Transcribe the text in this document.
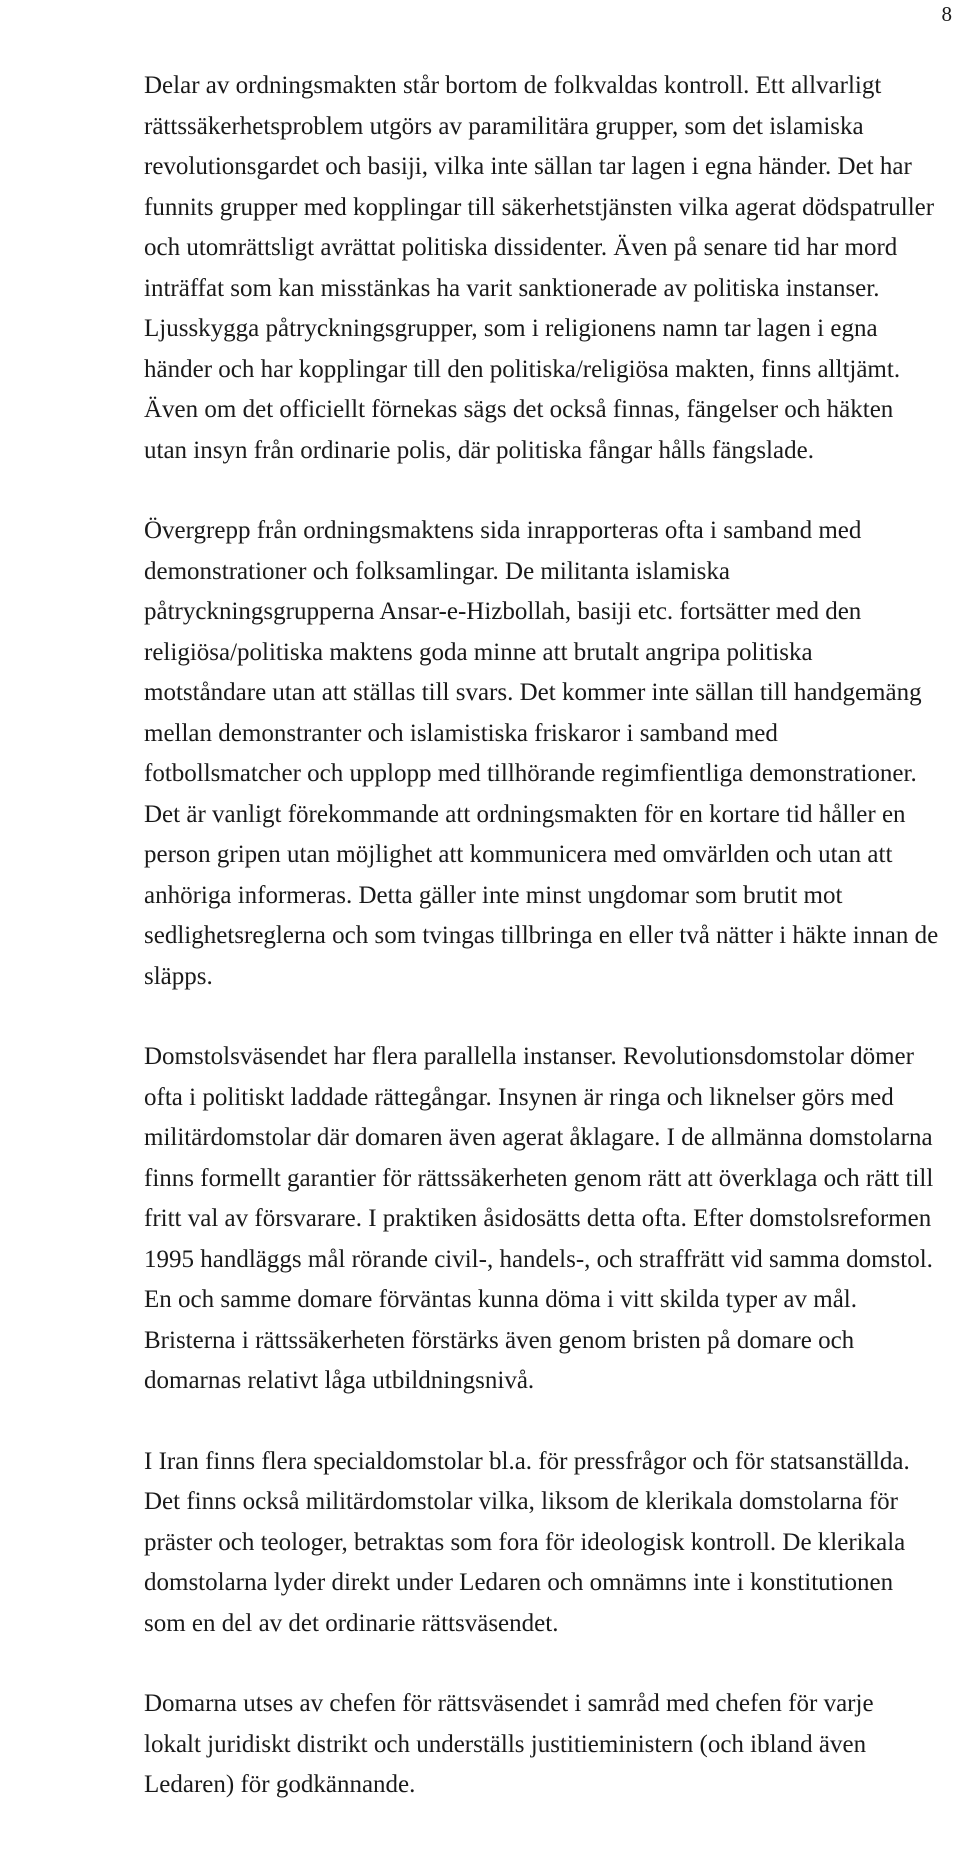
8

Delar av ordningsmakten står bortom de folkvaldas kontroll. Ett allvarligt
rättssäkerhetsproblem utgörs av paramilitära grupper, som det islamiska
revolutionsgardet och basiji, vilka inte sällan tar lagen i egna händer. Det har
funnits grupper med kopplingar till säkerhetstjänsten vilka agerat dödspatruller
och utomrättsligt avrättat politiska dissidenter. Även på senare tid har mord
inträffat som kan misstänkas ha varit sanktionerade av politiska instanser.
Ljusskygga påtryckningsgrupper, som i religionens namn tar lagen i egna
händer och har kopplingar till den politiska/religiösa makten, finns alltjämt.
Även om det officiellt förnekas sägs det också finnas, fängelser och häkten
utan insyn från ordinarie polis, där politiska fångar hålls fängslade.

Övergrepp från ordningsmaktens sida inrapporteras ofta i samband med
demonstrationer och folksamlingar. De militanta islamiska
påtryckningsgrupperna Ansar-e-Hizbollah, basiji etc. fortsätter med den
religiösa/politiska maktens goda minne att brutalt angripa politiska
motståndare utan att ställas till svars. Det kommer inte sällan till handgemäng
mellan demonstranter och islamistiska friskaror i samband med
fotbollsmatcher och upplopp med tillhörande regimfientliga demonstrationer.
Det är vanligt förekommande att ordningsmakten för en kortare tid håller en
person gripen utan möjlighet att kommunicera med omvärlden och utan att
anhöriga informeras. Detta gäller inte minst ungdomar som brutit mot
sedlighetsreglerna och som tvingas tillbringa en eller två nätter i häkte innan de
släpps.

Domstolsväsendet har flera parallella instanser. Revolutionsdomstolar dömer
ofta i politiskt laddade rättegångar. Insynen är ringa och liknelser görs med
militärdomstolar där domaren även agerat åklagare. I de allmänna domstolarna
finns formellt garantier för rättssäkerheten genom rätt att överklaga och rätt till
fritt val av försvarare. I praktiken åsidosätts detta ofta. Efter domstolsreformen
1995 handläggs mål rörande civil-, handels-, och straffrätt vid samma domstol.
En och samme domare förväntas kunna döma i vitt skilda typer av mål.
Bristerna i rättssäkerheten förstärks även genom bristen på domare och
domarnas relativt låga utbildningsnivå.

I Iran finns flera specialdomstolar bl.a. för pressfrågor och för statsanställda.
Det finns också militärdomstolar vilka, liksom de klerikala domstolarna för
präster och teologer, betraktas som fora för ideologisk kontroll. De klerikala
domstolarna lyder direkt under Ledaren och omnämns inte i konstitutionen
som en del av det ordinarie rättsväsendet.

Domarna utses av chefen för rättsväsendet i samråd med chefen för varje
lokalt juridiskt distrikt och underställs justitieministern (och ibland även
Ledaren) för godkännande.
